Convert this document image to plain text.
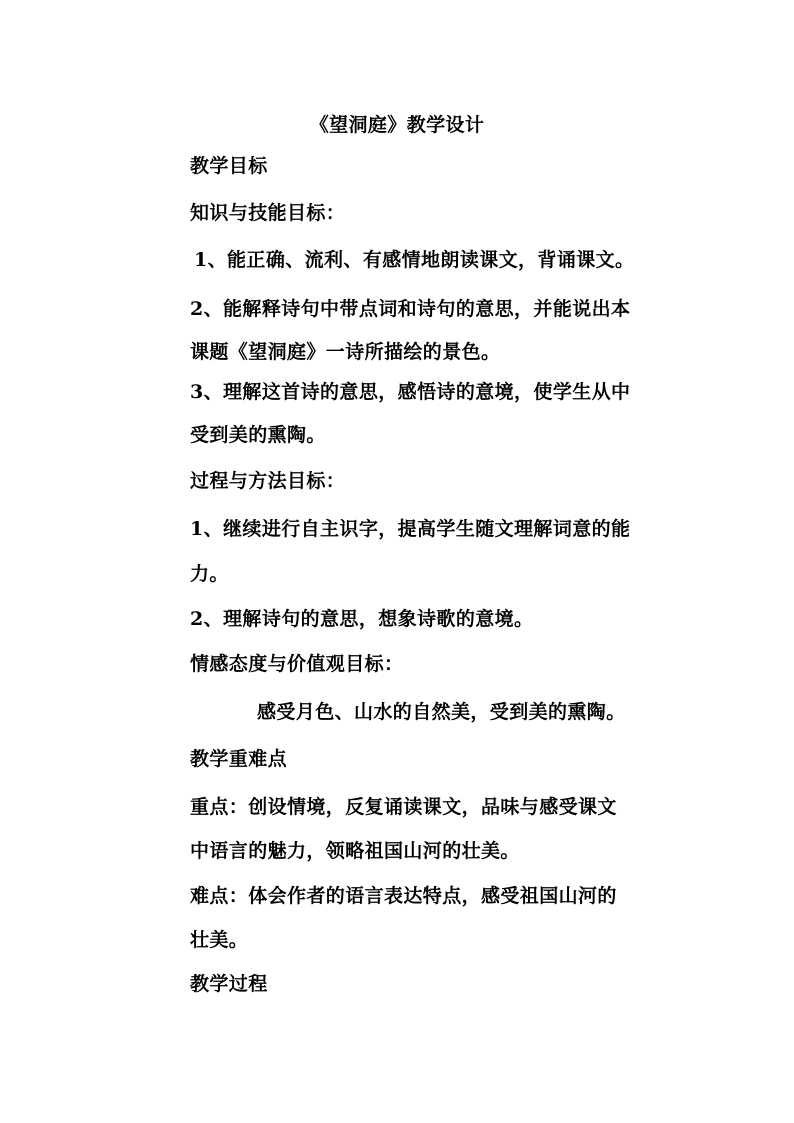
《望洞庭》教学设计
教学目标
知识与技能目标：
1、能正确、流利、有感情地朗读课文，背诵课文。
2、能解释诗句中带点词和诗句的意思，并能说出本
课题《望洞庭》一诗所描绘的景色。
3、理解这首诗的意思，感悟诗的意境，使学生从中
受到美的熏陶。
过程与方法目标：
1、继续进行自主识字，提高学生随文理解词意的能
力。
2、理解诗句的意思，想象诗歌的意境。
情感态度与价值观目标：
感受月色、山水的自然美，受到美的熏陶。
教学重难点
重点：创设情境，反复诵读课文，品味与感受课文
中语言的魅力，领略祖国山河的壮美。
难点：体会作者的语言表达特点，感受祖国山河的
壮美。
教学过程
